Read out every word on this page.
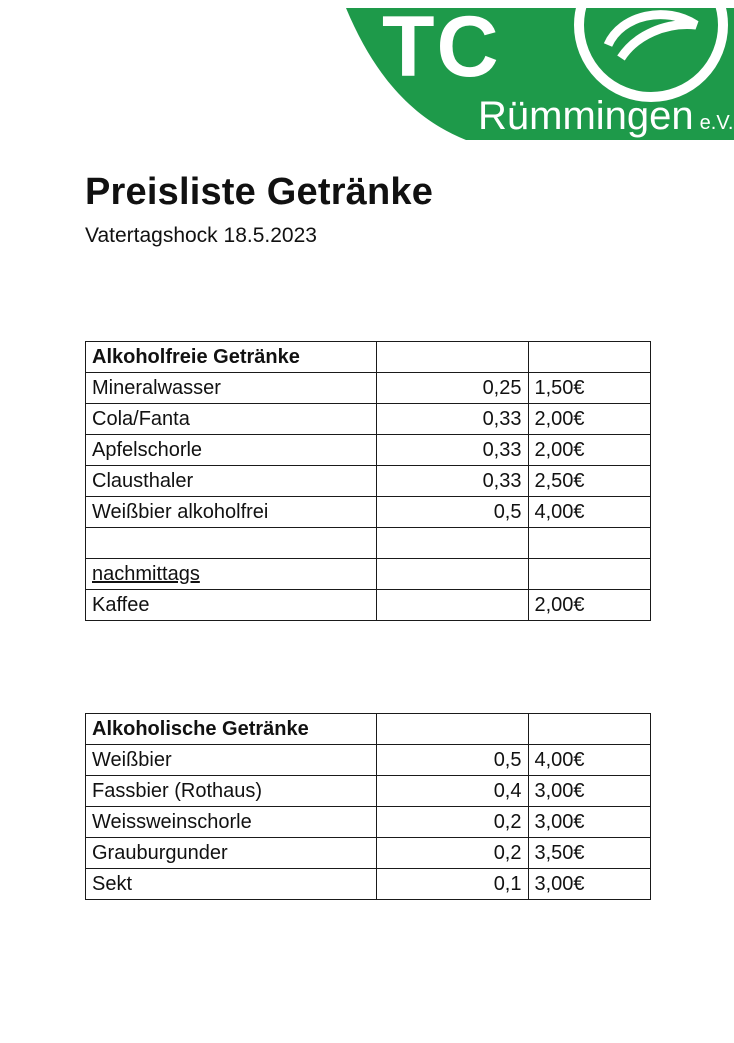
TC
Rümmingen e.V.
Preisliste Getränke
Vatertagshock 18.5.2023
Alkoholfreie Getränke		
Mineralwasser	0,25	1,50€
Cola/Fanta	0,33	2,00€
Apfelschorle	0,33	2,00€
Clausthaler	0,33	2,50€
Weißbier alkoholfrei	0,5	4,00€

nachmittags		
Kaffee		2,00€
Alkoholische Getränke		
Weißbier	0,5	4,00€
Fassbier (Rothaus)	0,4	3,00€
Weissweinschorle	0,2	3,00€
Grauburgunder	0,2	3,50€
Sekt	0,1	3,00€
